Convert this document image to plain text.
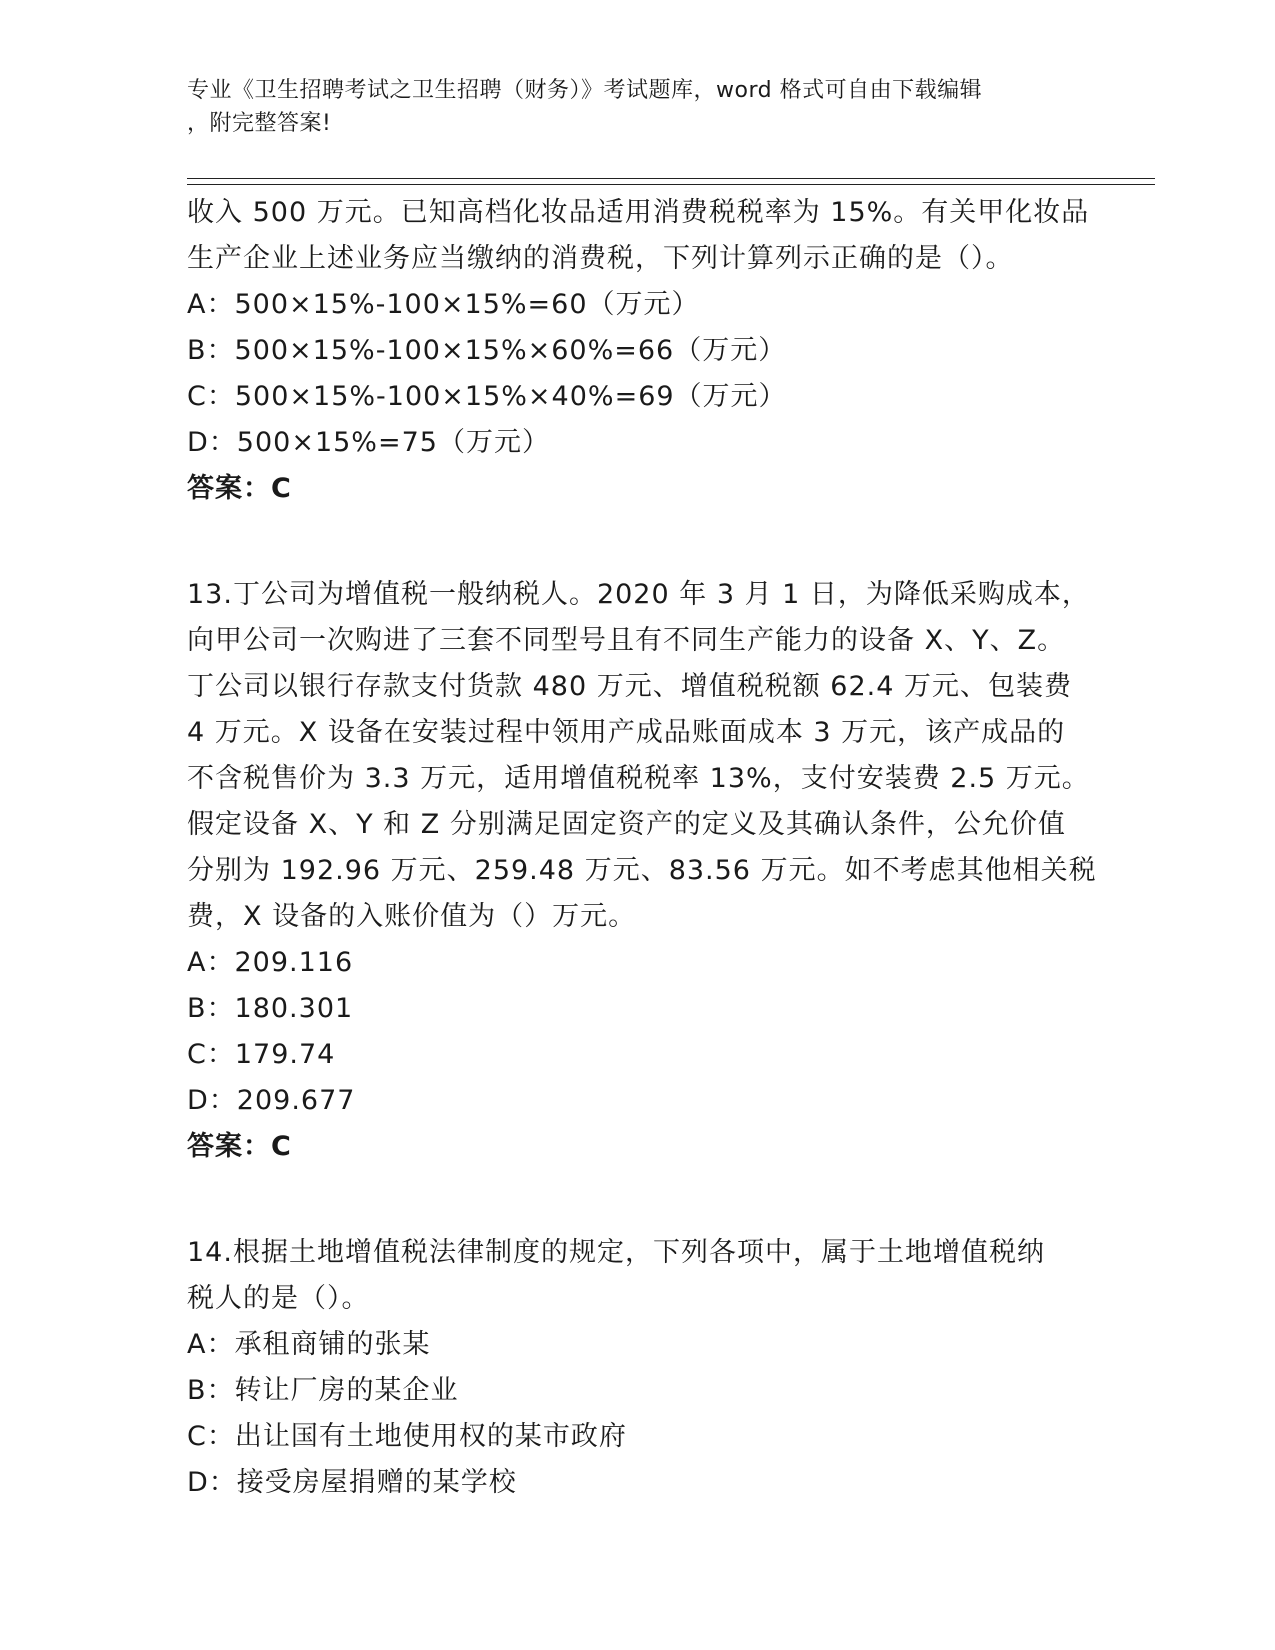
专业《卫生招聘考试之卫生招聘（财务）》考试题库，word 格式可自由下载编辑
，附完整答案!
收入 500 万元。已知高档化妆品适用消费税税率为 15%。有关甲化妆品
生产企业上述业务应当缴纳的消费税，下列计算列示正确的是（）。
A：500×15%-100×15%=60（万元）
B：500×15%-100×15%×60%=66（万元）
C：500×15%-100×15%×40%=69（万元）
D：500×15%=75（万元）
答案：C
13.丁公司为增值税一般纳税人。2020 年 3 月 1 日，为降低采购成本，
向甲公司一次购进了三套不同型号且有不同生产能力的设备 X、Y、Z。
丁公司以银行存款支付货款 480 万元、增值税税额 62.4 万元、包装费
4 万元。X 设备在安装过程中领用产成品账面成本 3 万元，该产成品的
不含税售价为 3.3 万元，适用增值税税率 13%，支付安装费 2.5 万元。
假定设备 X、Y 和 Z 分别满足固定资产的定义及其确认条件，公允价值
分别为 192.96 万元、259.48 万元、83.56 万元。如不考虑其他相关税
费，X 设备的入账价值为（）万元。
A：209.116
B：180.301
C：179.74
D：209.677
答案：C
14.根据土地增值税法律制度的规定，下列各项中，属于土地增值税纳
税人的是（）。
A：承租商铺的张某
B：转让厂房的某企业
C：出让国有土地使用权的某市政府
D：接受房屋捐赠的某学校
